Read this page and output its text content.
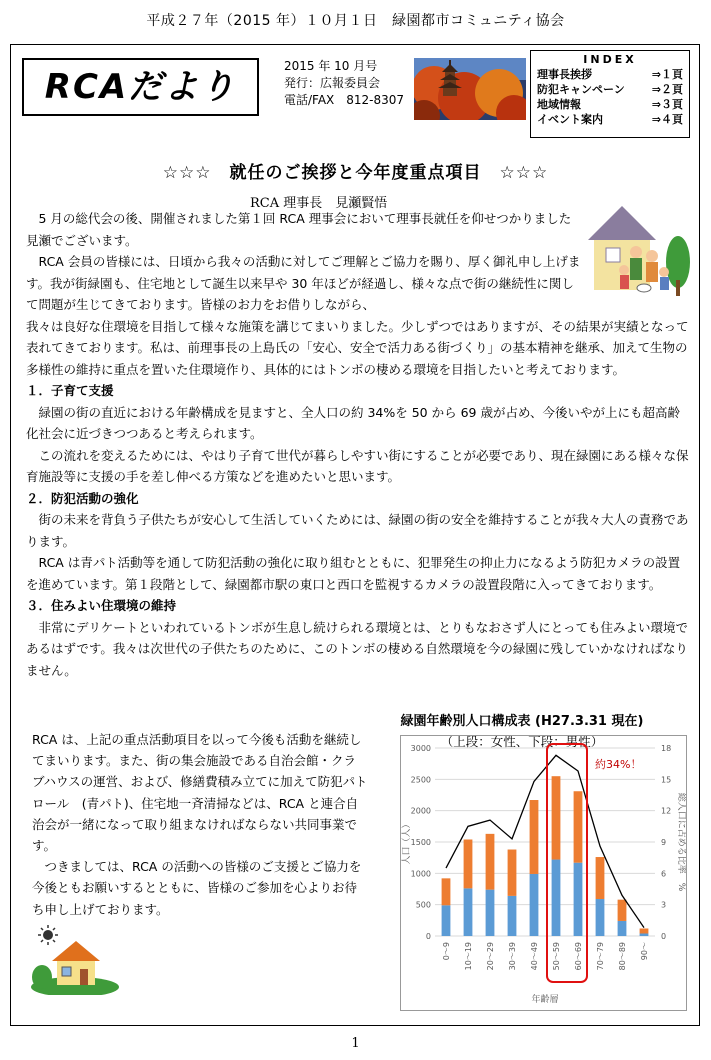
平成２７年（2015 年）１０月１日　緑園都市コミュニティ協会
RCAだより
2015 年 10 月号
発行：広報委員会
電話/FAX　812-8307
INDEX
理事長挨拶	⇒１頁
防犯キャンペーン ⇒２頁
地域情報	⇒３頁
イベント案内	⇒４頁
☆☆☆　就任のご挨拶と今年度重点項目　☆☆☆
RCA 理事長　見瀬賢悟

5 月の総代会の後、開催されました第１回 RCA 理事会において理事長就任を仰せつかりました見瀬でございます。

RCA 会員の皆様には、日頃から我々の活動に対してご理解とご協力を賜り、厚く御礼申し上げます。我が街緑園も、住宅地として誕生以来早や 30 年ほどが経過し、様々な点で街の継続性に関して問題が生じてきております。皆様のお力をお借りしながら、

我々は良好な住環境を目指して様々な施策を講じてまいりました。少しずつではありますが、その結果が実績となって表れてきております。私は、前理事長の上島氏の「安心、安全で活力ある街づくり」の基本精神を継承、加えて生物の多様性の維持に重点を置いた住環境作り、具体的にはトンボの棲める環境を目指したいと考えております。

１．子育て支援

緑園の街の直近における年齢構成を見ますと、全人口の約 34%を 50 から 69 歳が占め、今後いやが上にも超高齢化社会に近づきつつあると考えられます。

この流れを変えるためには、やはり子育て世代が暮らしやすい街にすることが必要であり、現在緑園にある様々な保育施設等に支援の手を差し伸べる方策などを進めたいと思います。

２．防犯活動の強化

街の未来を背負う子供たちが安心して生活していくためには、緑園の街の安全を維持することが我々大人の責務であります。

RCA は青パト活動等を通して防犯活動の強化に取り組むとともに、犯罪発生の抑止力になるよう防犯カメラの設置を進めています。第１段階として、緑園都市駅の東口と西口を監視するカメラの設置段階に入ってきております。

３．住みよい住環境の維持

非常にデリケートといわれているトンボが生息し続けられる環境とは、とりもなおさず人にとっても住みよい環境であるはずです。我々は次世代の子供たちのために、このトンボの棲める自然環境を今の緑園に残していかなければなりません。

RCA は、上記の重点活動項目を以って今後も活動を継続してまいります。また、街の集会施設である自治会館・クラブハウスの運営、および、修繕費積み立てに加えて防犯パトロール　(青パト)、住宅地一斉清掃などは、RCA と連合自治会が一緒になって取り組まなければならない共同事業です。

つきましては、RCA の活動への皆様のご支援とご協力を今後ともお願いするとともに、皆様のご参加を心よりお待ち申し上げております。

緑園年齢別人口構成表 (H27.3.31 現在)
（上段：女性、下段：男性）
0
500
1000
1500
2000
2500
3000
0
3
6
9
12
15
18
0～9 10～19 20～29 30～39 40～49 50～59 60～69 70～79 80～89 90～
約34%！
人口（人）	総人口に占める比率　%
年齢層
1
